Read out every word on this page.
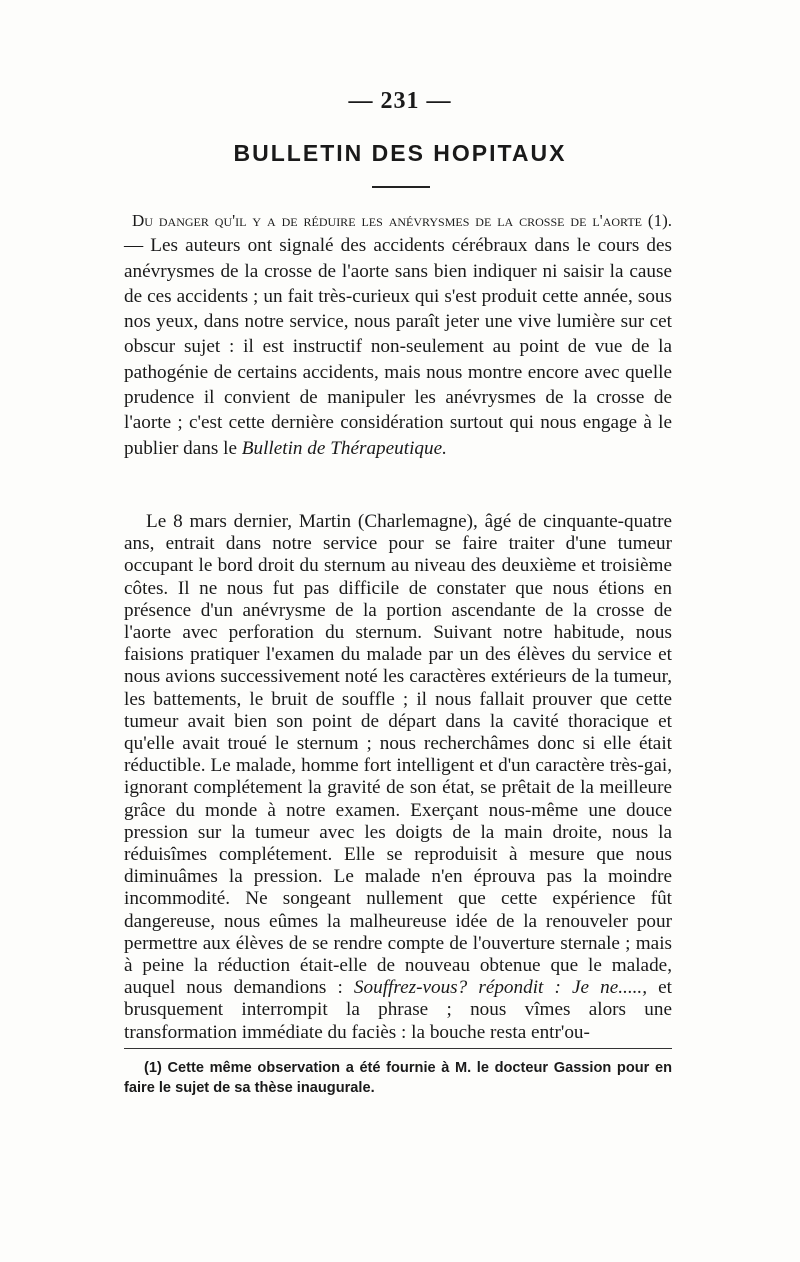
— 231 —
BULLETIN DES HOPITAUX
Du danger qu'il y a de réduire les anévrysmes de la crosse de l'aorte (1). — Les auteurs ont signalé des accidents cérébraux dans le cours des anévrysmes de la crosse de l'aorte sans bien indiquer ni saisir la cause de ces accidents ; un fait très-curieux qui s'est produit cette année, sous nos yeux, dans notre service, nous paraît jeter une vive lumière sur cet obscur sujet : il est instructif non-seulement au point de vue de la pathogénie de certains accidents, mais nous montre encore avec quelle prudence il convient de manipuler les anévrysmes de la crosse de l'aorte ; c'est cette dernière considération surtout qui nous engage à le publier dans le Bulletin de Thérapeutique.
Le 8 mars dernier, Martin (Charlemagne), âgé de cinquante-quatre ans, entrait dans notre service pour se faire traiter d'une tumeur occupant le bord droit du sternum au niveau des deuxième et troisième côtes. Il ne nous fut pas difficile de constater que nous étions en présence d'un anévrysme de la portion ascendante de la crosse de l'aorte avec perforation du sternum. Suivant notre habitude, nous faisions pratiquer l'examen du malade par un des élèves du service et nous avions successivement noté les caractères extérieurs de la tumeur, les battements, le bruit de souffle ; il nous fallait prouver que cette tumeur avait bien son point de départ dans la cavité thoracique et qu'elle avait troué le sternum ; nous recherchâmes donc si elle était réductible. Le malade, homme fort intelligent et d'un caractère très-gai, ignorant complétement la gravité de son état, se prêtait de la meilleure grâce du monde à notre examen. Exerçant nous-même une douce pression sur la tumeur avec les doigts de la main droite, nous la réduisîmes complétement. Elle se reproduisit à mesure que nous diminuâmes la pression. Le malade n'en éprouva pas la moindre incommodité. Ne songeant nullement que cette expérience fût dangereuse, nous eûmes la malheureuse idée de la renouveler pour permettre aux élèves de se rendre compte de l'ouverture sternale ; mais à peine la réduction était-elle de nouveau obtenue que le malade, auquel nous demandions : Souffrez-vous? répondit : Je ne....., et brusquement interrompit la phrase ; nous vîmes alors une transformation immédiate du faciès : la bouche resta entr'ou-
(1) Cette même observation a été fournie à M. le docteur Gassion pour en faire le sujet de sa thèse inaugurale.
